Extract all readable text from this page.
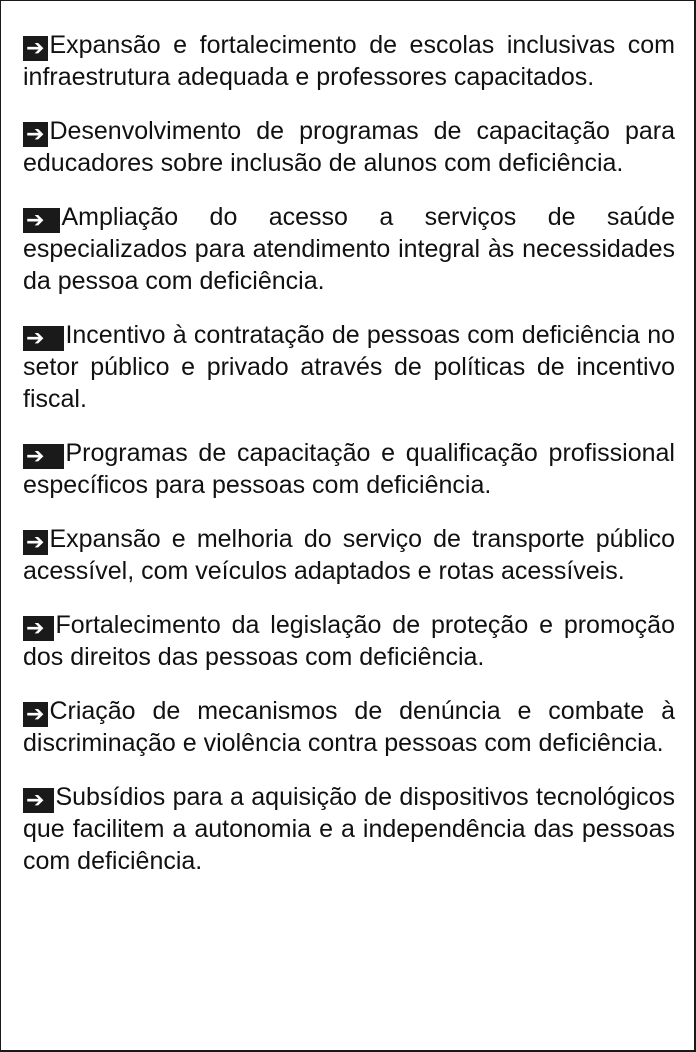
➔ Expansão e fortalecimento de escolas inclusivas com infraestrutura adequada e professores capacitados.
➔ Desenvolvimento de programas de capacitação para educadores sobre inclusão de alunos com deficiência.
➔ Ampliação do acesso a serviços de saúde especializados para atendimento integral às necessidades da pessoa com deficiência.
➔ Incentivo à contratação de pessoas com deficiência no setor público e privado através de políticas de incentivo fiscal.
➔ Programas de capacitação e qualificação profissional específicos para pessoas com deficiência.
➔ Expansão e melhoria do serviço de transporte público acessível, com veículos adaptados e rotas acessíveis.
➔ Fortalecimento da legislação de proteção e promoção dos direitos das pessoas com deficiência.
➔ Criação de mecanismos de denúncia e combate à discriminação e violência contra pessoas com deficiência.
➔ Subsídios para a aquisição de dispositivos tecnológicos que facilitem a autonomia e a independência das pessoas com deficiência.
